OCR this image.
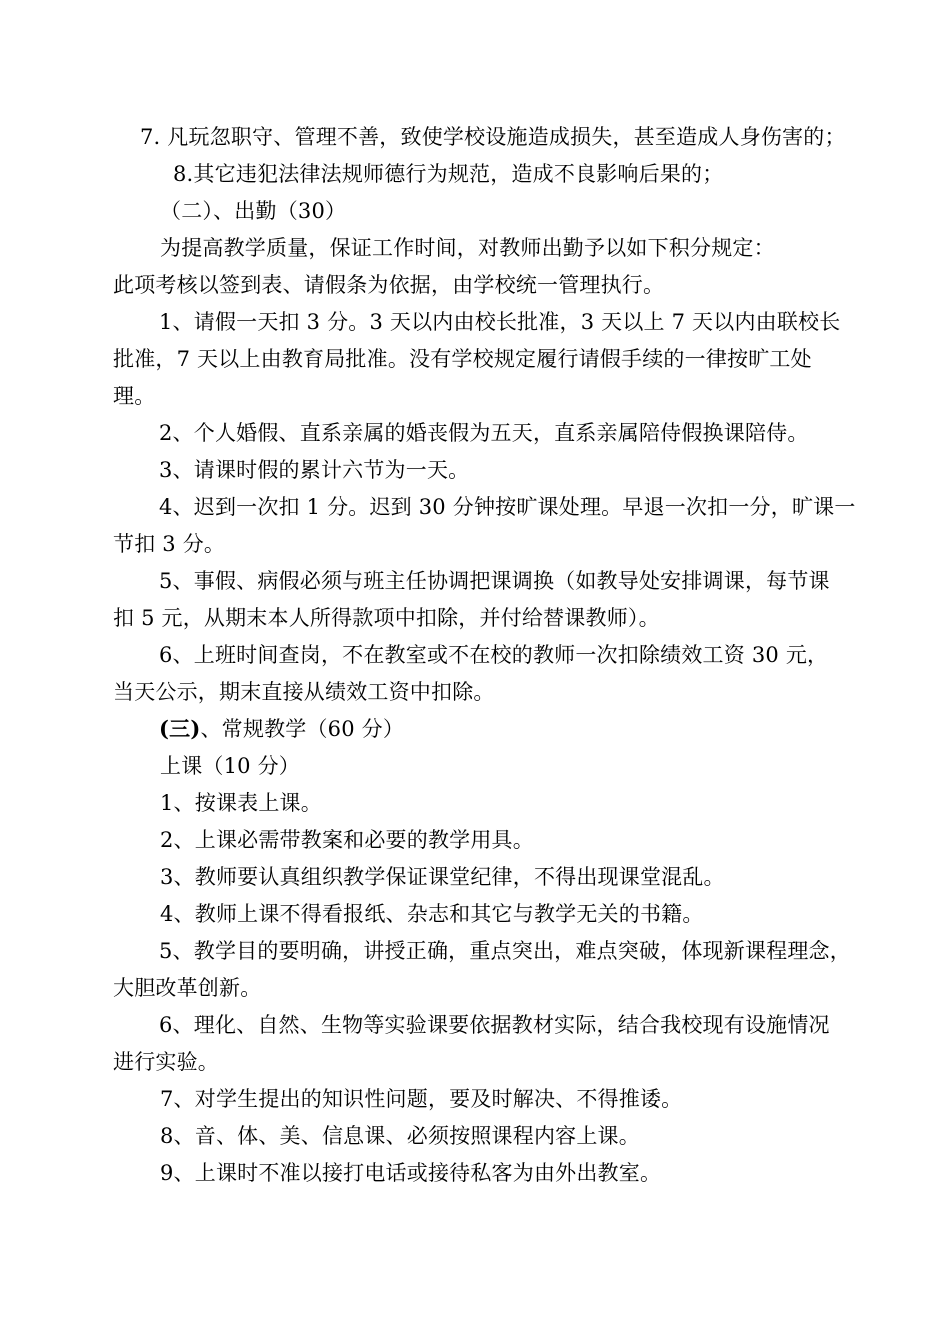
7. 凡玩忽职守、管理不善，致使学校设施造成损失，甚至造成人身伤害的；
8.其它违犯法律法规师德行为规范，造成不良影响后果的；
（二）、出勤（30）
为提高教学质量，保证工作时间，对教师出勤予以如下积分规定：
此项考核以签到表、请假条为依据，由学校统一管理执行。
1、请假一天扣 3 分。3 天以内由校长批准，3 天以上 7 天以内由联校长
批准，7 天以上由教育局批准。没有学校规定履行请假手续的一律按旷工处
理。
2、个人婚假、直系亲属的婚丧假为五天，直系亲属陪侍假换课陪侍。
3、请课时假的累计六节为一天。
4、迟到一次扣 1 分。迟到 30 分钟按旷课处理。早退一次扣一分，旷课一
节扣 3 分。
5、事假、病假必须与班主任协调把课调换（如教导处安排调课，每节课
扣 5 元，从期末本人所得款项中扣除，并付给替课教师）。
6、上班时间查岗，不在教室或不在校的教师一次扣除绩效工资 30 元，
当天公示，期末直接从绩效工资中扣除。
(三)、常规教学（60 分）
上课（10 分）
1、按课表上课。
2、上课必需带教案和必要的教学用具。
3、教师要认真组织教学保证课堂纪律，不得出现课堂混乱。
4、教师上课不得看报纸、杂志和其它与教学无关的书籍。
5、教学目的要明确，讲授正确，重点突出，难点突破，体现新课程理念，
大胆改革创新。
6、理化、自然、生物等实验课要依据教材实际，结合我校现有设施情况
进行实验。
7、对学生提出的知识性问题，要及时解决、不得推诿。
8、音、体、美、信息课、必须按照课程内容上课。
9、上课时不准以接打电话或接待私客为由外出教室。
